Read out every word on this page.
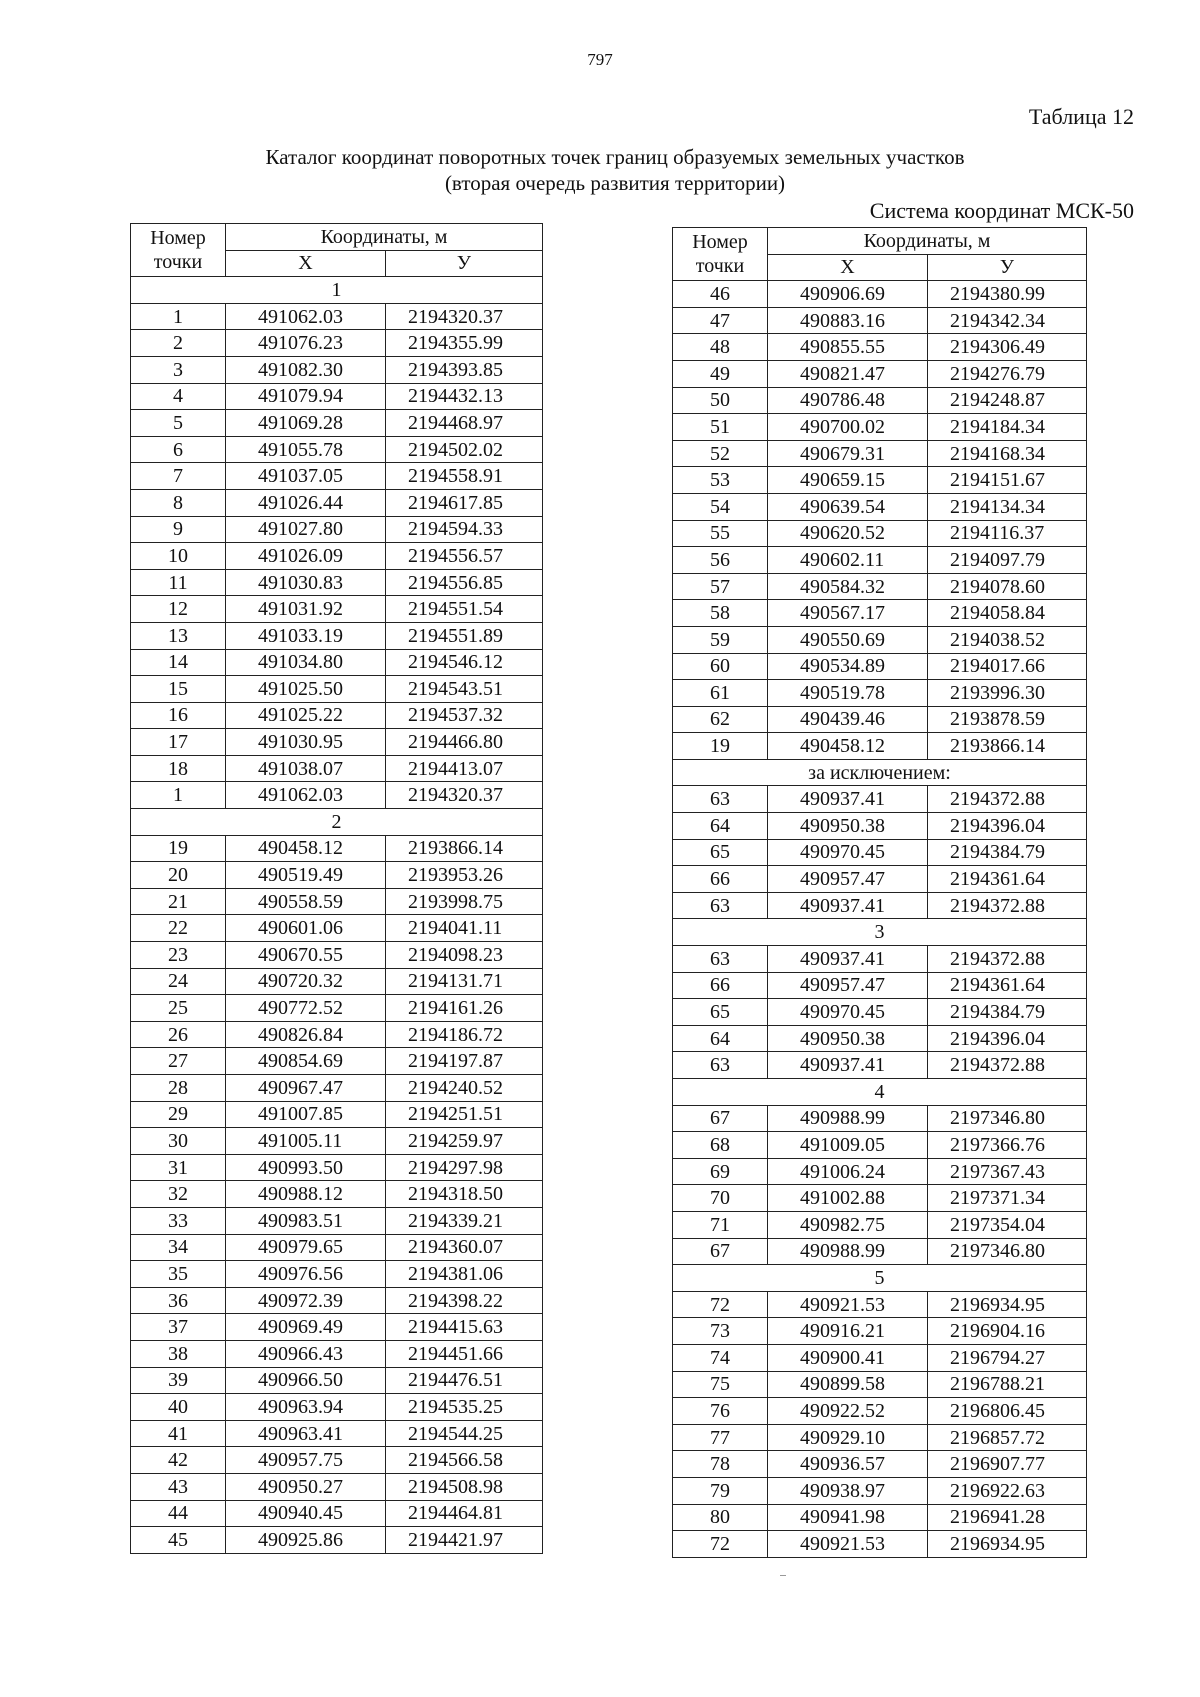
797
Таблица 12
Каталог координат поворотных точек границ образуемых земельных участков
(вторая очередь развития территории)
Система координат МСК-50
Номер
точки	Координаты, м	
	Х	У
1		
1	491062.03	2194320.37
2	491076.23	2194355.99
3	491082.30	2194393.85
4	491079.94	2194432.13
5	491069.28	2194468.97
6	491055.78	2194502.02
7	491037.05	2194558.91
8	491026.44	2194617.85
9	491027.80	2194594.33
10	491026.09	2194556.57
11	491030.83	2194556.85
12	491031.92	2194551.54
13	491033.19	2194551.89
14	491034.80	2194546.12
15	491025.50	2194543.51
16	491025.22	2194537.32
17	491030.95	2194466.80
18	491038.07	2194413.07
1	491062.03	2194320.37
2		
19	490458.12	2193866.14
20	490519.49	2193953.26
21	490558.59	2193998.75
22	490601.06	2194041.11
23	490670.55	2194098.23
24	490720.32	2194131.71
25	490772.52	2194161.26
26	490826.84	2194186.72
27	490854.69	2194197.87
28	490967.47	2194240.52
29	491007.85	2194251.51
30	491005.11	2194259.97
31	490993.50	2194297.98
32	490988.12	2194318.50
33	490983.51	2194339.21
34	490979.65	2194360.07
35	490976.56	2194381.06
36	490972.39	2194398.22
37	490969.49	2194415.63
38	490966.43	2194451.66
39	490966.50	2194476.51
40	490963.94	2194535.25
41	490963.41	2194544.25
42	490957.75	2194566.58
43	490950.27	2194508.98
44	490940.45	2194464.81
45	490925.86	2194421.97
Номер
точки	Координаты, м	
	Х	У
46	490906.69	2194380.99
47	490883.16	2194342.34
48	490855.55	2194306.49
49	490821.47	2194276.79
50	490786.48	2194248.87
51	490700.02	2194184.34
52	490679.31	2194168.34
53	490659.15	2194151.67
54	490639.54	2194134.34
55	490620.52	2194116.37
56	490602.11	2194097.79
57	490584.32	2194078.60
58	490567.17	2194058.84
59	490550.69	2194038.52
60	490534.89	2194017.66
61	490519.78	2193996.30
62	490439.46	2193878.59
19	490458.12	2193866.14
за исключением:		
63	490937.41	2194372.88
64	490950.38	2194396.04
65	490970.45	2194384.79
66	490957.47	2194361.64
63	490937.41	2194372.88
3		
63	490937.41	2194372.88
66	490957.47	2194361.64
65	490970.45	2194384.79
64	490950.38	2194396.04
63	490937.41	2194372.88
4		
67	490988.99	2197346.80
68	491009.05	2197366.76
69	491006.24	2197367.43
70	491002.88	2197371.34
71	490982.75	2197354.04
67	490988.99	2197346.80
5		
72	490921.53	2196934.95
73	490916.21	2196904.16
74	490900.41	2196794.27
75	490899.58	2196788.21
76	490922.52	2196806.45
77	490929.10	2196857.72
78	490936.57	2196907.77
79	490938.97	2196922.63
80	490941.98	2196941.28
72	490921.53	2196934.95
